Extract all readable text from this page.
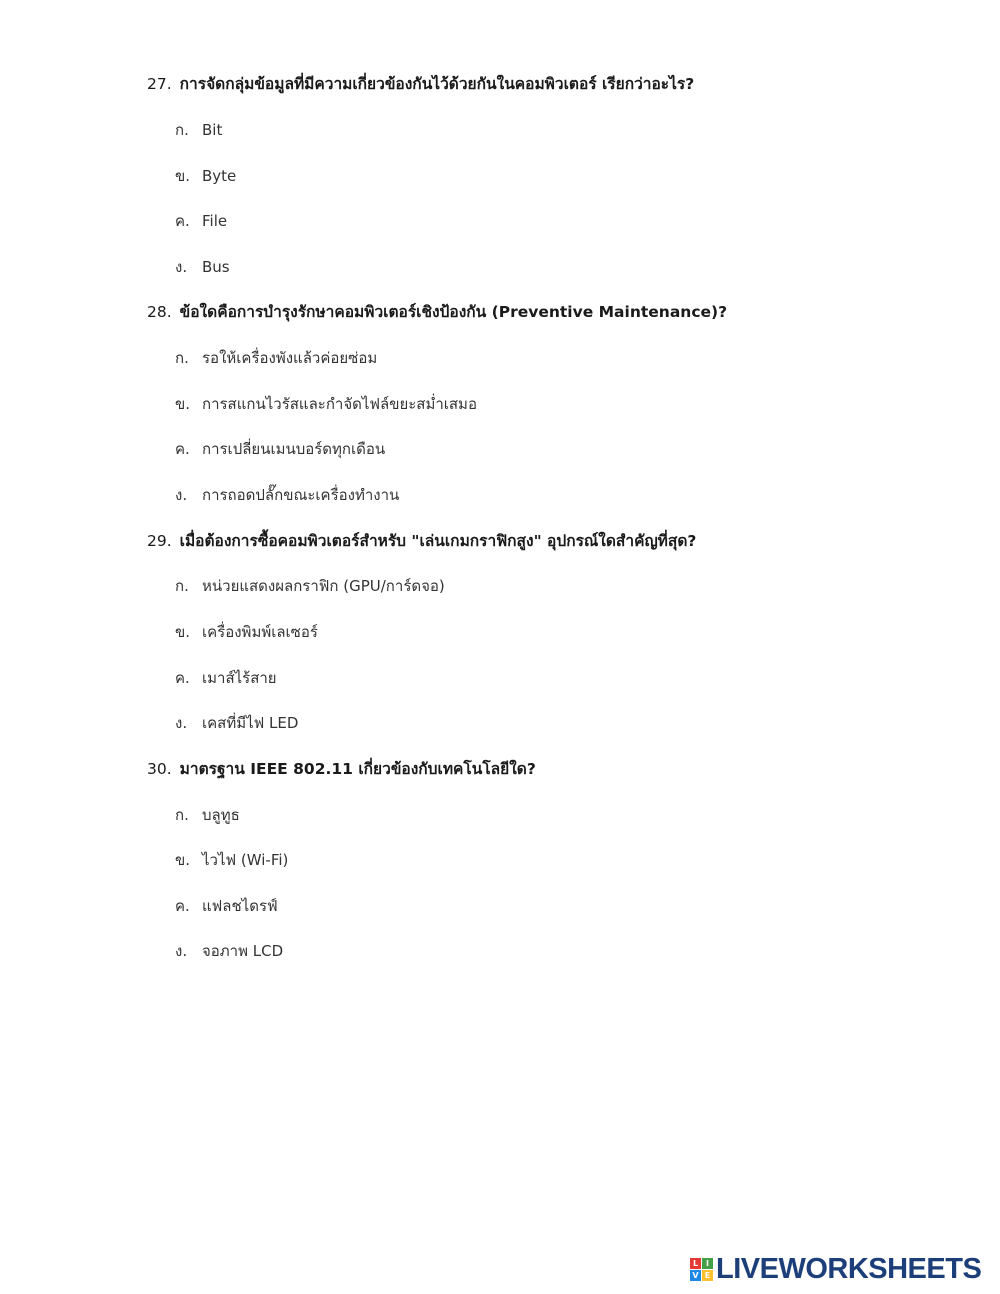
27. การจัดกลุ่มข้อมูลที่มีความเกี่ยวข้องกันไว้ด้วยกันในคอมพิวเตอร์ เรียกว่าอะไร?
ก. Bit
ข. Byte
ค. File
ง. Bus
28. ข้อใดคือการบำรุงรักษาคอมพิวเตอร์เชิงป้องกัน (Preventive Maintenance)?
ก. รอให้เครื่องพังแล้วค่อยซ่อม
ข. การสแกนไวรัสและกำจัดไฟล์ขยะสม่ำเสมอ
ค. การเปลี่ยนเมนบอร์ดทุกเดือน
ง. การถอดปลั๊กขณะเครื่องทำงาน
29. เมื่อต้องการซื้อคอมพิวเตอร์สำหรับ "เล่นเกมกราฟิกสูง" อุปกรณ์ใดสำคัญที่สุด?
ก. หน่วยแสดงผลกราฟิก (GPU/การ์ดจอ)
ข. เครื่องพิมพ์เลเซอร์
ค. เมาส์ไร้สาย
ง. เคสที่มีไฟ LED
30. มาตรฐาน IEEE 802.11 เกี่ยวข้องกับเทคโนโลยีใด?
ก. บลูทูธ
ข. ไวไฟ (Wi-Fi)
ค. แฟลชไดรฟ์
ง. จอภาพ LCD
L I
V E LIVEWORKSHEETS
